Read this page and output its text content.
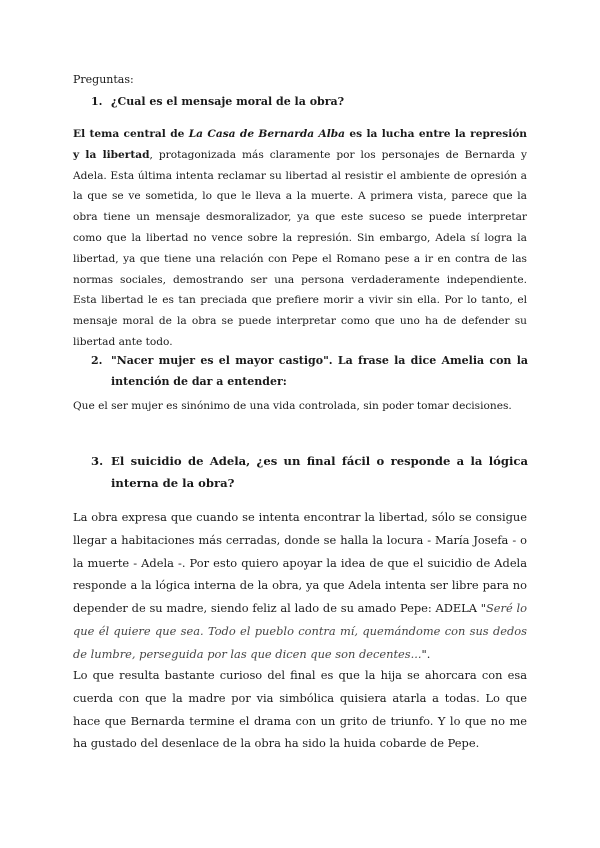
Preguntas:
1. ¿Cual es el mensaje moral de la obra?
El tema central de La Casa de Bernarda Alba es la lucha entre la represión y la libertad, protagonizada más claramente por los personajes de Bernarda y Adela. Esta última intenta reclamar su libertad al resistir el ambiente de opresión a la que se ve sometida, lo que le lleva a la muerte. A primera vista, parece que la obra tiene un mensaje desmoralizador, ya que este suceso se puede interpretar como que la libertad no vence sobre la represión. Sin embargo, Adela sí logra la libertad, ya que tiene una relación con Pepe el Romano pese a ir en contra de las normas sociales, demostrando ser una persona verdaderamente independiente. Esta libertad le es tan preciada que prefiere morir a vivir sin ella. Por lo tanto, el mensaje moral de la obra se puede interpretar como que uno ha de defender su libertad ante todo.
2. "Nacer mujer es el mayor castigo". La frase la dice Amelia con la intención de dar a entender:
Que el ser mujer es sinónimo de una vida controlada, sin poder tomar decisiones.
3. El suicidio de Adela, ¿es un final fácil o responde a la lógica interna de la obra?
La obra expresa que cuando se intenta encontrar la libertad, sólo se consigue llegar a habitaciones más cerradas, donde se halla la locura - María Josefa - o la muerte - Adela -. Por esto quiero apoyar la idea de que el suicidio de Adela responde a la lógica interna de la obra, ya que Adela intenta ser libre para no depender de su madre, siendo feliz al lado de su amado Pepe: ADELA "Seré lo que él quiere que sea. Todo el pueblo contra mí, quemándome con sus dedos de lumbre, perseguida por las que dicen que son decentes...".
Lo que resulta bastante curioso del final es que la hija se ahorcara con esa cuerda con que la madre por via simbólica quisiera atarla a todas. Lo que hace que Bernarda termine el drama con un grito de triunfo. Y lo que no me ha gustado del desenlace de la obra ha sido la huida cobarde de Pepe.
